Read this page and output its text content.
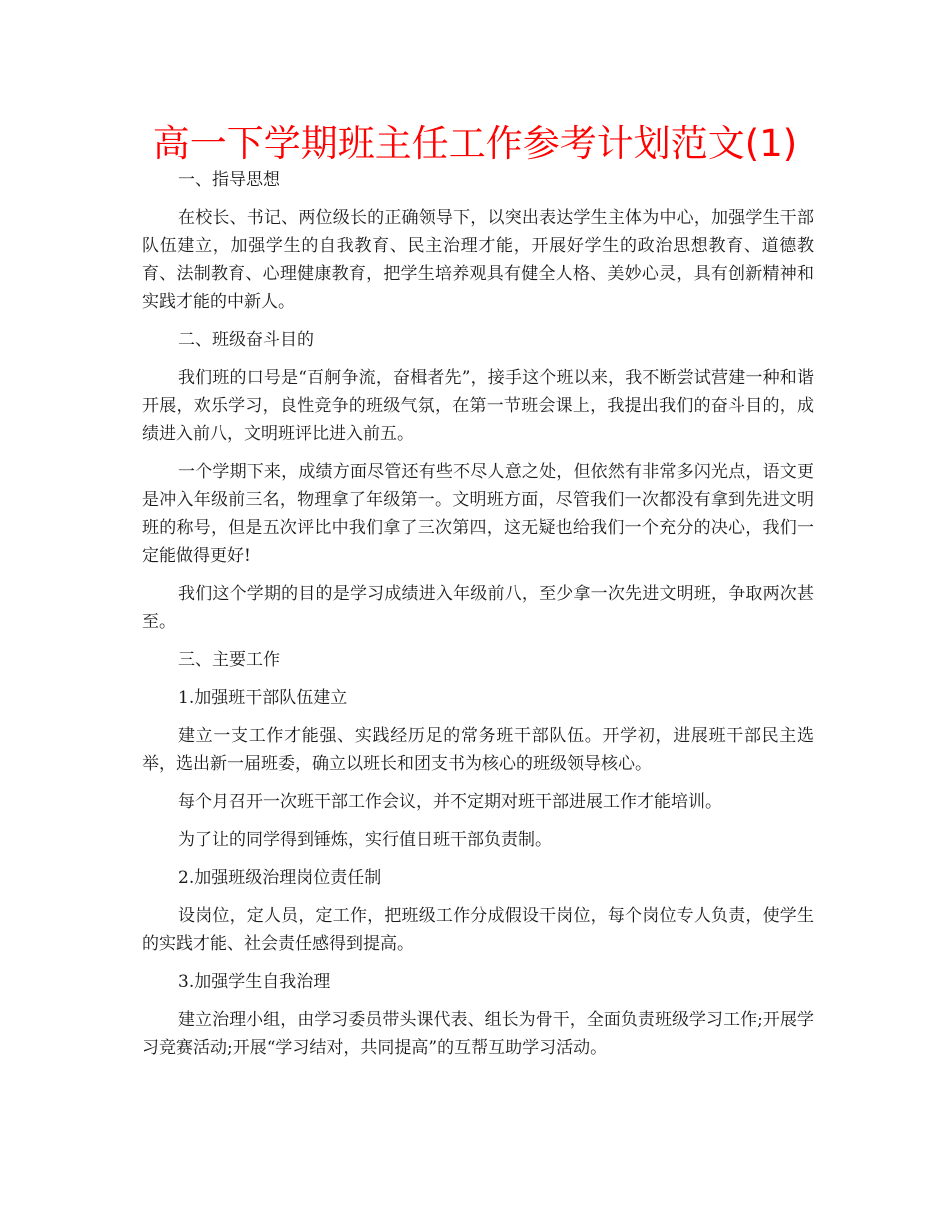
高一下学期班主任工作参考计划范文(1)

一、指导思想

在校长、书记、两位级长的正确领导下，以突出表达学生主体为中心，加强学生干部队伍建立，加强学生的自我教育、民主治理才能，开展好学生的政治思想教育、道德教育、法制教育、心理健康教育，把学生培养观具有健全人格、美妙心灵，具有创新精神和实践才能的中新人。

二、班级奋斗目的

我们班的口号是“百舸争流，奋楫者先”，接手这个班以来，我不断尝试营建一种和谐开展，欢乐学习，良性竞争的班级气氛，在第一节班会课上，我提出我们的奋斗目的，成绩进入前八，文明班评比进入前五。

一个学期下来，成绩方面尽管还有些不尽人意之处，但依然有非常多闪光点，语文更是冲入年级前三名，物理拿了年级第一。文明班方面，尽管我们一次都没有拿到先进文明班的称号，但是五次评比中我们拿了三次第四，这无疑也给我们一个充分的决心，我们一定能做得更好!

我们这个学期的目的是学习成绩进入年级前八，至少拿一次先进文明班，争取两次甚至。

三、主要工作

1.加强班干部队伍建立

建立一支工作才能强、实践经历足的常务班干部队伍。开学初，进展班干部民主选举，选出新一届班委，确立以班长和团支书为核心的班级领导核心。

每个月召开一次班干部工作会议，并不定期对班干部进展工作才能培训。

为了让的同学得到锤炼，实行值日班干部负责制。

2.加强班级治理岗位责任制

设岗位，定人员，定工作，把班级工作分成假设干岗位，每个岗位专人负责，使学生的实践才能、社会责任感得到提高。

3.加强学生自我治理

建立治理小组，由学习委员带头课代表、组长为骨干，全面负责班级学习工作;开展学习竞赛活动;开展“学习结对，共同提高”的互帮互助学习活动。
